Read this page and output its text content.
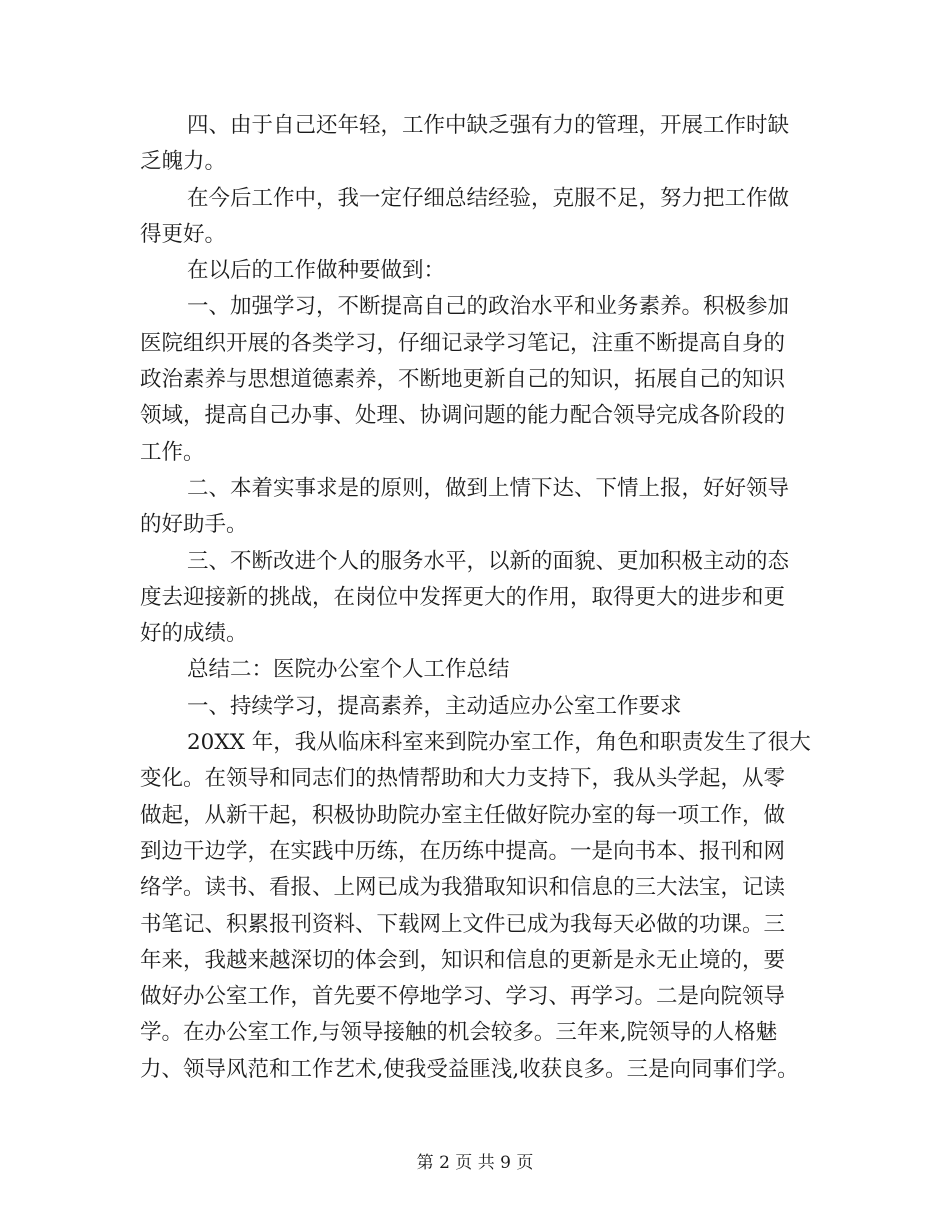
四、由于自己还年轻，工作中缺乏强有力的管理，开展工作时缺
乏魄力。
在今后工作中，我一定仔细总结经验，克服不足，努力把工作做
得更好。
在以后的工作做种要做到：
一、加强学习，不断提高自己的政治水平和业务素养。积极参加
医院组织开展的各类学习，仔细记录学习笔记，注重不断提高自身的
政治素养与思想道德素养，不断地更新自己的知识，拓展自己的知识
领域，提高自己办事、处理、协调问题的能力配合领导完成各阶段的
工作。
二、本着实事求是的原则，做到上情下达、下情上报，好好领导
的好助手。
三、不断改进个人的服务水平，以新的面貌、更加积极主动的态
度去迎接新的挑战，在岗位中发挥更大的作用，取得更大的进步和更
好的成绩。
总结二：医院办公室个人工作总结
一、持续学习，提高素养，主动适应办公室工作要求
20XX 年，我从临床科室来到院办室工作，角色和职责发生了很大
变化。在领导和同志们的热情帮助和大力支持下，我从头学起，从零
做起，从新干起，积极协助院办室主任做好院办室的每一项工作，做
到边干边学，在实践中历练，在历练中提高。一是向书本、报刊和网
络学。读书、看报、上网已成为我猎取知识和信息的三大法宝，记读
书笔记、积累报刊资料、下载网上文件已成为我每天必做的功课。三
年来，我越来越深切的体会到，知识和信息的更新是永无止境的，要
做好办公室工作，首先要不停地学习、学习、再学习。二是向院领导
学。在办公室工作,与领导接触的机会较多。三年来,院领导的人格魅
力、领导风范和工作艺术,使我受益匪浅,收获良多。三是向同事们学。
第 2 页 共 9 页
